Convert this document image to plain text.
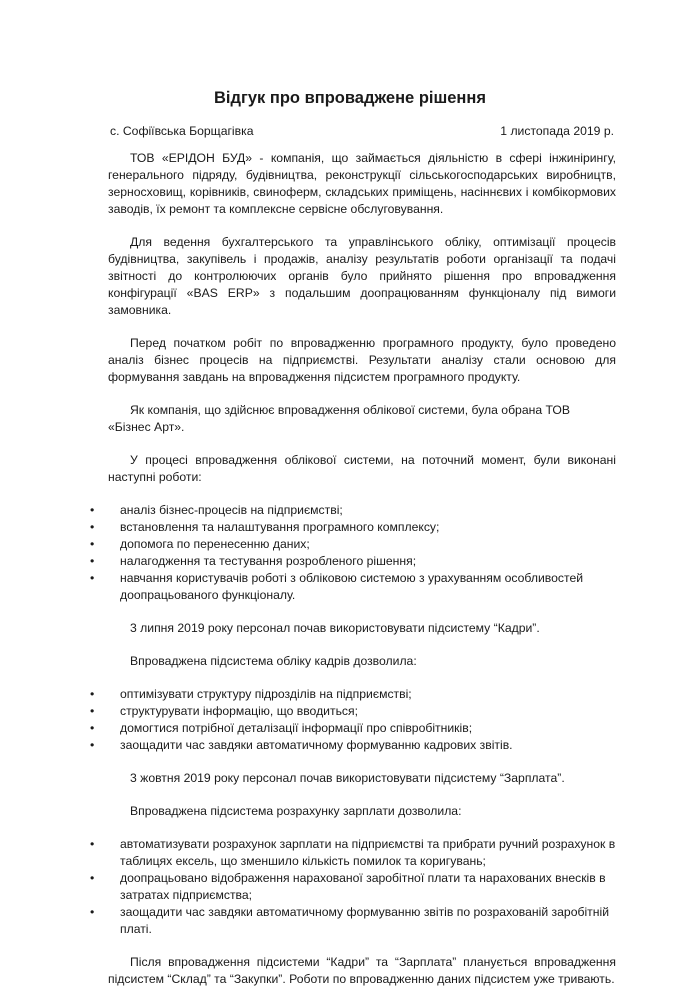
Відгук про впроваджене рішення
с. Софіївська Борщагівка	1 листопада 2019 р.

ТОВ «ЕРІДОН БУД» - компанія, що займається діяльністю в сфері інжинірингу, генерального підряду, будівництва, реконструкції сільськогосподарських виробництв, зерносховищ, корівників, свиноферм, складських приміщень, насіннєвих і комбікормових заводів, їх ремонт та комплексне сервісне обслуговування.

Для ведення бухгалтерського та управлінського обліку, оптимізації процесів будівництва, закупівель і продажів, аналізу результатів роботи організації та подачі звітності до контролюючих органів було прийнято рішення про впровадження конфігурації «BAS ERP» з подальшим доопрацюванням функціоналу під вимоги замовника.

Перед початком робіт по впровадженню програмного продукту, було проведено аналіз бізнес процесів на підприємстві. Результати аналізу стали основою для формування завдань на впровадження підсистем програмного продукту.

Як компанія, що здійснює впровадження облікової системи, була обрана ТОВ «Бізнес Арт».

У процесі впровадження облікової системи, на поточний момент, були виконані наступні роботи:

•	аналіз бізнес-процесів на підприємстві;
•	встановлення та налаштування програмного комплексу;
•	допомога по перенесенню даних;
•	налагодження та тестування розробленого рішення;
•	навчання користувачів роботі з обліковою системою з урахуванням особливостей доопрацьованого функціоналу.

3 липня 2019 року персонал почав використовувати підсистему “Кадри”.

Впроваджена підсистема обліку кадрів дозволила:

•	оптимізувати структуру підрозділів на підприємстві;
•	структурувати інформацію, що вводиться;
•	домогтися потрібної деталізації інформації про співробітників;
•	заощадити час завдяки автоматичному формуванню кадрових звітів.

3 жовтня 2019 року персонал почав використовувати підсистему “Зарплата”.

Впроваджена підсистема розрахунку зарплати дозволила:

•	автоматизувати розрахунок зарплати на підприємстві та прибрати ручний розрахунок в таблицях ексель, що зменшило кількість помилок та коригувань;
•	доопрацьовано відображення нарахованої заробітної плати та нарахованих внесків в затратах підприємства;
•	заощадити час завдяки автоматичному формуванню звітів по розрахованій заробітній платі.

Після впровадження підсистеми “Кадри” та “Зарплата” планується впровадження підсистем “Склад” та “Закупки”. Роботи по впровадженню даних підсистем уже тривають.
